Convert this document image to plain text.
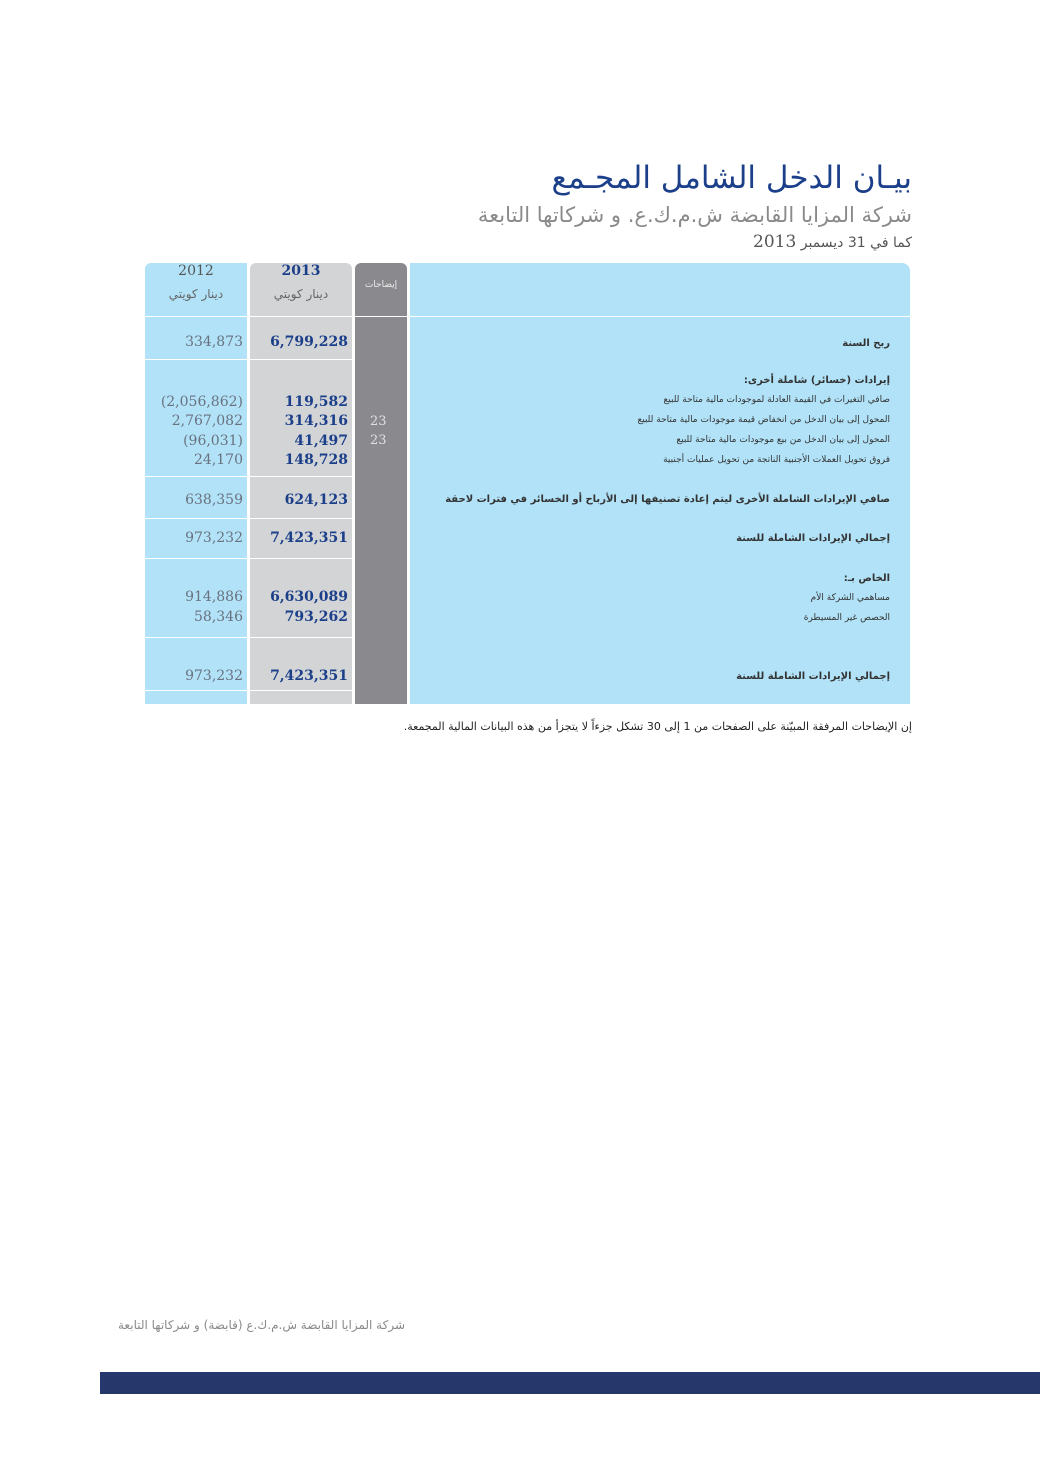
بيـان الدخل الشامل المجـمع
شركة المزايا القابضة ش.م.ك.ع. و شركاتها التابعة
كما في 31 ديسمبر 2013
2012	2013
دينار كويتي	دينار كويتي
إيضاحات
ربح السنة
6,799,228
334,873
إيرادات (خسائر) شاملة أخرى:
صافي التغيرات في القيمة العادلة لموجودات مالية متاحة للبيع
119,582
(2,056,862)
المحول إلى بيان الدخل من انخفاض قيمة موجودات مالية متاحة للبيع
23
314,316
2,767,082
المحول إلى بيان الدخل من بيع موجودات مالية متاحة للبيع
23
41,497
(96,031)
فروق تحويل العملات الأجنبية الناتجة من تحويل عمليات أجنبية
148,728
24,170
صافي الإيرادات الشاملة الأخرى ليتم إعادة تصنيفها إلى الأرباح أو الخسائر في فترات لاحقة
624,123
638,359
إجمالي الإيرادات الشاملة للسنة
7,423,351
973,232
الخاص بـ:
مساهمي الشركة الأم
6,630,089
914,886
الحصص غير المسيطرة
793,262
58,346
إجمالي الإيرادات الشاملة للسنة
7,423,351
973,232
إن الإيضاحات المرفقة المبيّنة على الصفحات من 1 إلى 30 تشكل جزءاً لا يتجزأ من هذه البيانات المالية المجمعة.
شركة المزايا القابضة ش.م.ك.ع (قابضة) و شركاتها التابعة
